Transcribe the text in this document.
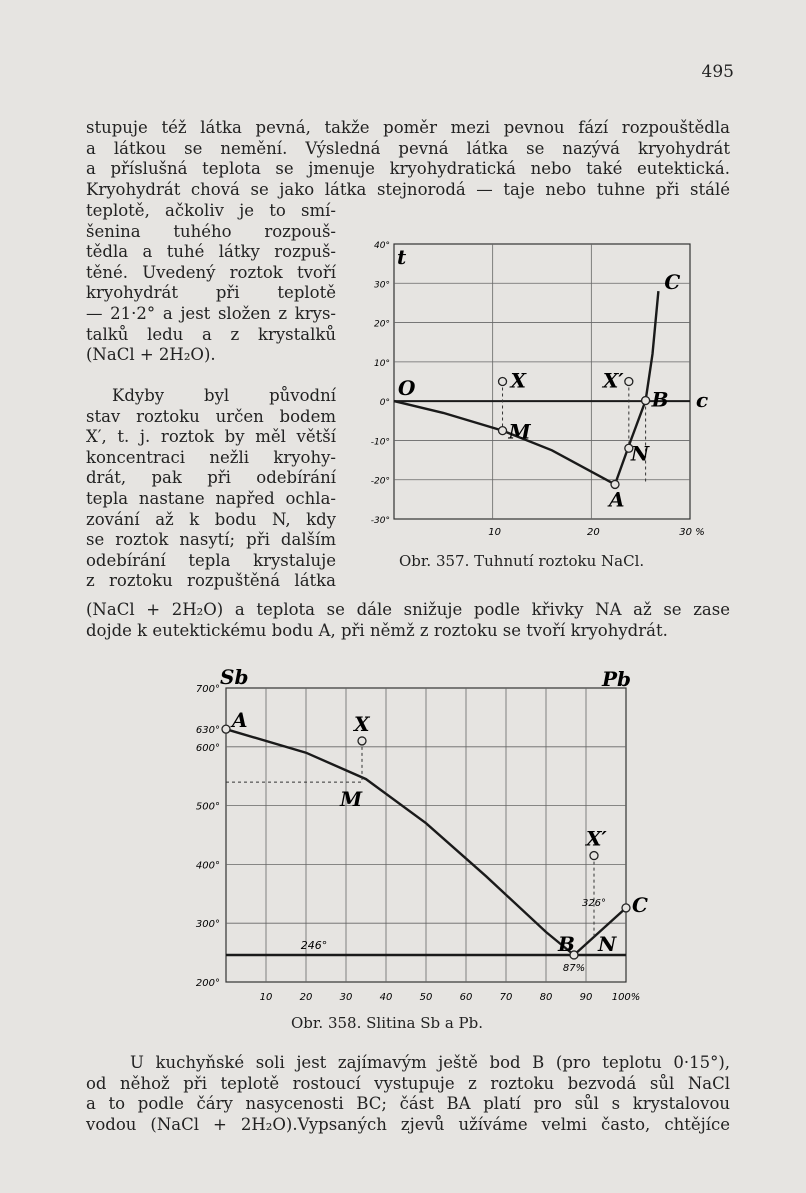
495
stupuje též látka pevná, takže poměr mezi pevnou fází rozpouštědla
a látkou se nemění. Výsledná pevná látka se nazývá kryohydrát
a příslušná teplota se jmenuje kryohydratická nebo také eutektická.
Kryohydrát chová se jako látka stejnorodá — taje nebo tuhne při stálé
teplotě, ačkoliv je to smí-
šenina tuhého rozpouš-
tědla a tuhé látky rozpuš-
těné. Uvedený roztok tvoří
kryohydrát při teplotě
— 21·2° a jest složen z krys-
talků ledu a z krystalků
(NaCl + 2H₂O).
Kdyby byl původní
stav roztoku určen bodem
X′, t. j. roztok by měl větší
koncentraci nežli kryohy-
drát, pak při odebírání
tepla nastane napřed ochla-
zování až k bodu N, kdy
se roztok nasytí; při dalším
odebírání tepla krystaluje
z roztoku rozpuštěná látka
(NaCl + 2H₂O) a teplota se dále snižuje podle křivky NA až se zase
dojde k eutektickému bodu A, při němž z roztoku se tvoří kryohydrát.
40°
30°
20°
10°
0°
-10°
-20°
-30°
10	20	30 %
O	X
M
X′
B
N
A
C
c
t
Obr. 357. Tuhnutí roztoku NaCl.
700°
630°
600°
500°
400°
300°
200°
10	20	30	40	50	60	70	80	90 100%
246°
326°
87%
A	X
M
X′
N
B
C
Sb	Pb
Obr. 358. Slitina Sb a Pb.
U kuchyňské soli jest zajímavým ještě bod B (pro teplotu 0·15°),
od něhož při teplotě rostoucí vystupuje z roztoku bezvodá sůl NaCl
a to podle čáry nasycenosti BC; část BA platí pro sůl s krystalovou
vodou (NaCl + 2H₂O).Vypsaných zjevů užíváme velmi často, chtějíce
